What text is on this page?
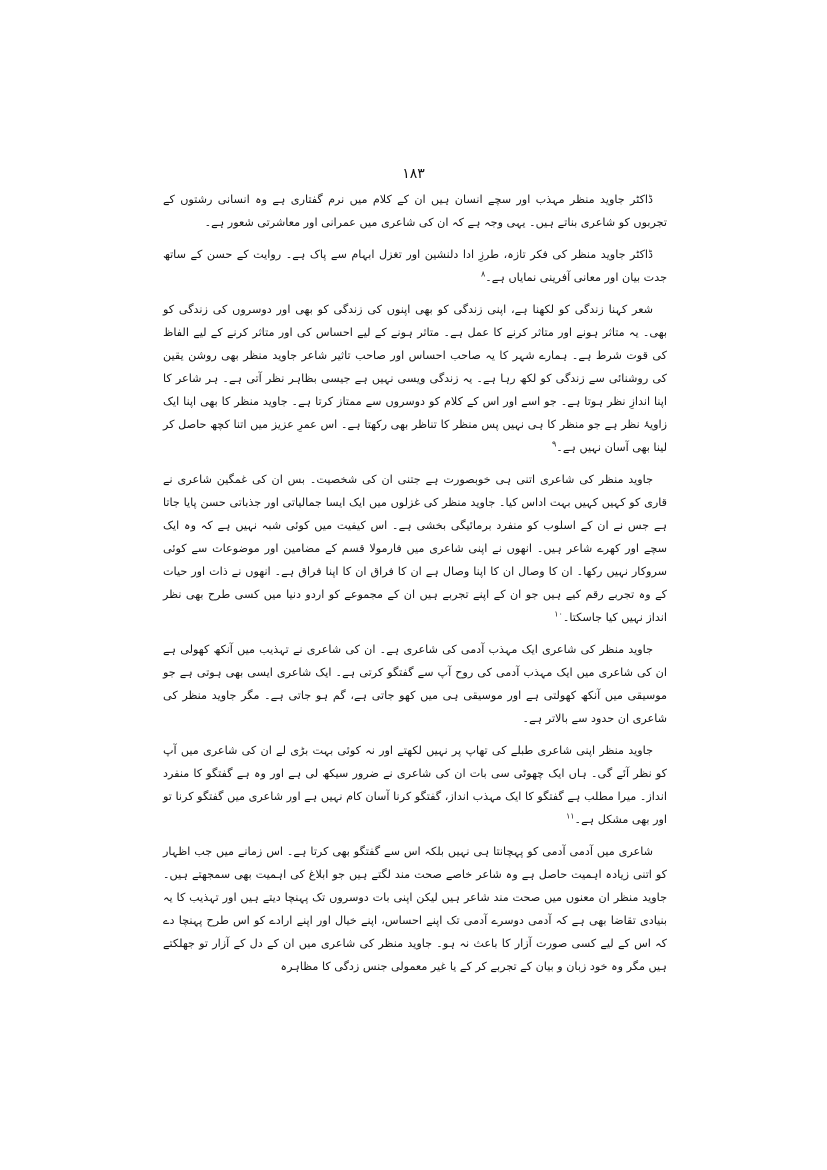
۱۸۳

ڈاکٹر جاوید منظر مہذب اور سچے انسان ہیں ان کے کلام میں نرم گفتاری ہے وہ انسانی رشتوں کے تجربوں کو شاعری بناتے ہیں۔ یہی وجہ ہے کہ ان کی شاعری میں عمرانی اور معاشرتی شعور ہے۔

ڈاکٹر جاوید منظر کی فکر تازہ، طرزِ ادا دلنشین اور تغزل ابہام سے پاک ہے۔ روایت کے حسن کے ساتھ جدت بیان اور معانی آفرینی نمایاں ہے۔$^۸$

شعر کہنا زندگی کو لکھنا ہے، اپنی زندگی کو بھی اپنوں کی زندگی کو بھی اور دوسروں کی زندگی کو بھی۔ یہ متاثر ہونے اور متاثر کرنے کا عمل ہے۔ متاثر ہونے کے لیے احساس کی اور متاثر کرنے کے لیے الفاظ کی قوت شرط ہے۔ ہمارے شہر کا یہ صاحب احساس اور صاحب تاثیر شاعر جاوید منظر بھی روشن یقین کی روشنائی سے زندگی کو لکھ رہا ہے۔ یہ زندگی ویسی نہیں ہے جیسی بظاہر نظر آتی ہے۔ ہر شاعر کا اپنا اندازِ نظر ہوتا ہے۔ جو اسے اور اس کے کلام کو دوسروں سے ممتاز کرتا ہے۔ جاوید منظر کا بھی اپنا ایک زاویۂ نظر ہے جو منظر کا ہی نہیں پس منظر کا تناظر بھی رکھتا ہے۔ اس عمرِ عزیز میں اتنا کچھ حاصل کر لینا بھی آسان نہیں ہے۔$^۹$

جاوید منظر کی شاعری اتنی ہی خوبصورت ہے جتنی ان کی شخصیت۔ بس ان کی غمگین شاعری نے قاری کو کہیں کہیں بہت اداس کیا۔ جاوید منظر کی غزلوں میں ایک ایسا جمالیاتی اور جذباتی حسن پایا جاتا ہے جس نے ان کے اسلوب کو منفرد برمائیگی بخشی ہے۔ اس کیفیت میں کوئی شبہ نہیں ہے کہ وہ ایک سچے اور کھرے شاعر ہیں۔ انھوں نے اپنی شاعری میں فارمولا قسم کے مضامین اور موضوعات سے کوئی سروکار نہیں رکھا۔ ان کا وصال ان کا اپنا وصال ہے ان کا فراق ان کا اپنا فراق ہے۔ انھوں نے ذات اور حیات کے وہ تجربے رقم کیے ہیں جو ان کے اپنے تجربے ہیں ان کے مجموعے کو اردو دنیا میں کسی طرح بھی نظر انداز نہیں کیا جاسکتا۔$^{۱۰}$

جاوید منظر کی شاعری ایک مہذب آدمی کی شاعری ہے۔ ان کی شاعری نے تہذیب میں آنکھ کھولی ہے ان کی شاعری میں ایک مہذب آدمی کی روح آپ سے گفتگو کرتی ہے۔ ایک شاعری ایسی بھی ہوتی ہے جو موسیقی میں آنکھ کھولتی ہے اور موسیقی ہی میں کھو جاتی ہے، گم ہو جاتی ہے۔ مگر جاوید منظر کی شاعری ان حدود سے بالاتر ہے۔

جاوید منظر اپنی شاعری طبلے کی تھاپ پر نہیں لکھتے اور نہ کوئی بہت بڑی لے ان کی شاعری میں آپ کو نظر آئے گی۔ ہاں ایک چھوٹی سی بات ان کی شاعری نے ضرور سیکھ لی ہے اور وہ ہے گفتگو کا منفرد انداز۔ میرا مطلب ہے گفتگو کا ایک مہذب انداز، گفتگو کرنا آسان کام نہیں ہے اور شاعری میں گفتگو کرنا تو اور بھی مشکل ہے۔$^{۱۱}$

شاعری میں آدمی آدمی کو پہچانتا ہی نہیں بلکہ اس سے گفتگو بھی کرتا ہے۔ اس زمانے میں جب اظہار کو اتنی زیادہ اہمیت حاصل ہے وہ شاعر خاصے صحت مند لگتے ہیں جو ابلاغ کی اہمیت بھی سمجھتے ہیں۔ جاوید منظر ان معنوں میں صحت مند شاعر ہیں لیکن اپنی بات دوسروں تک پہنچا دیتے ہیں اور تہذیب کا یہ بنیادی تقاضا بھی ہے کہ آدمی دوسرے آدمی تک اپنے احساس، اپنے خیال اور اپنے ارادے کو اس طرح پہنچا دے کہ اس کے لیے کسی صورت آزار کا باعث نہ ہو۔ جاوید منظر کی شاعری میں ان کے دل کے آزار تو جھلکتے ہیں مگر وہ خود زبان و بیان کے تجربے کر کے یا غیر معمولی جنس زدگی کا مظاہرہ
